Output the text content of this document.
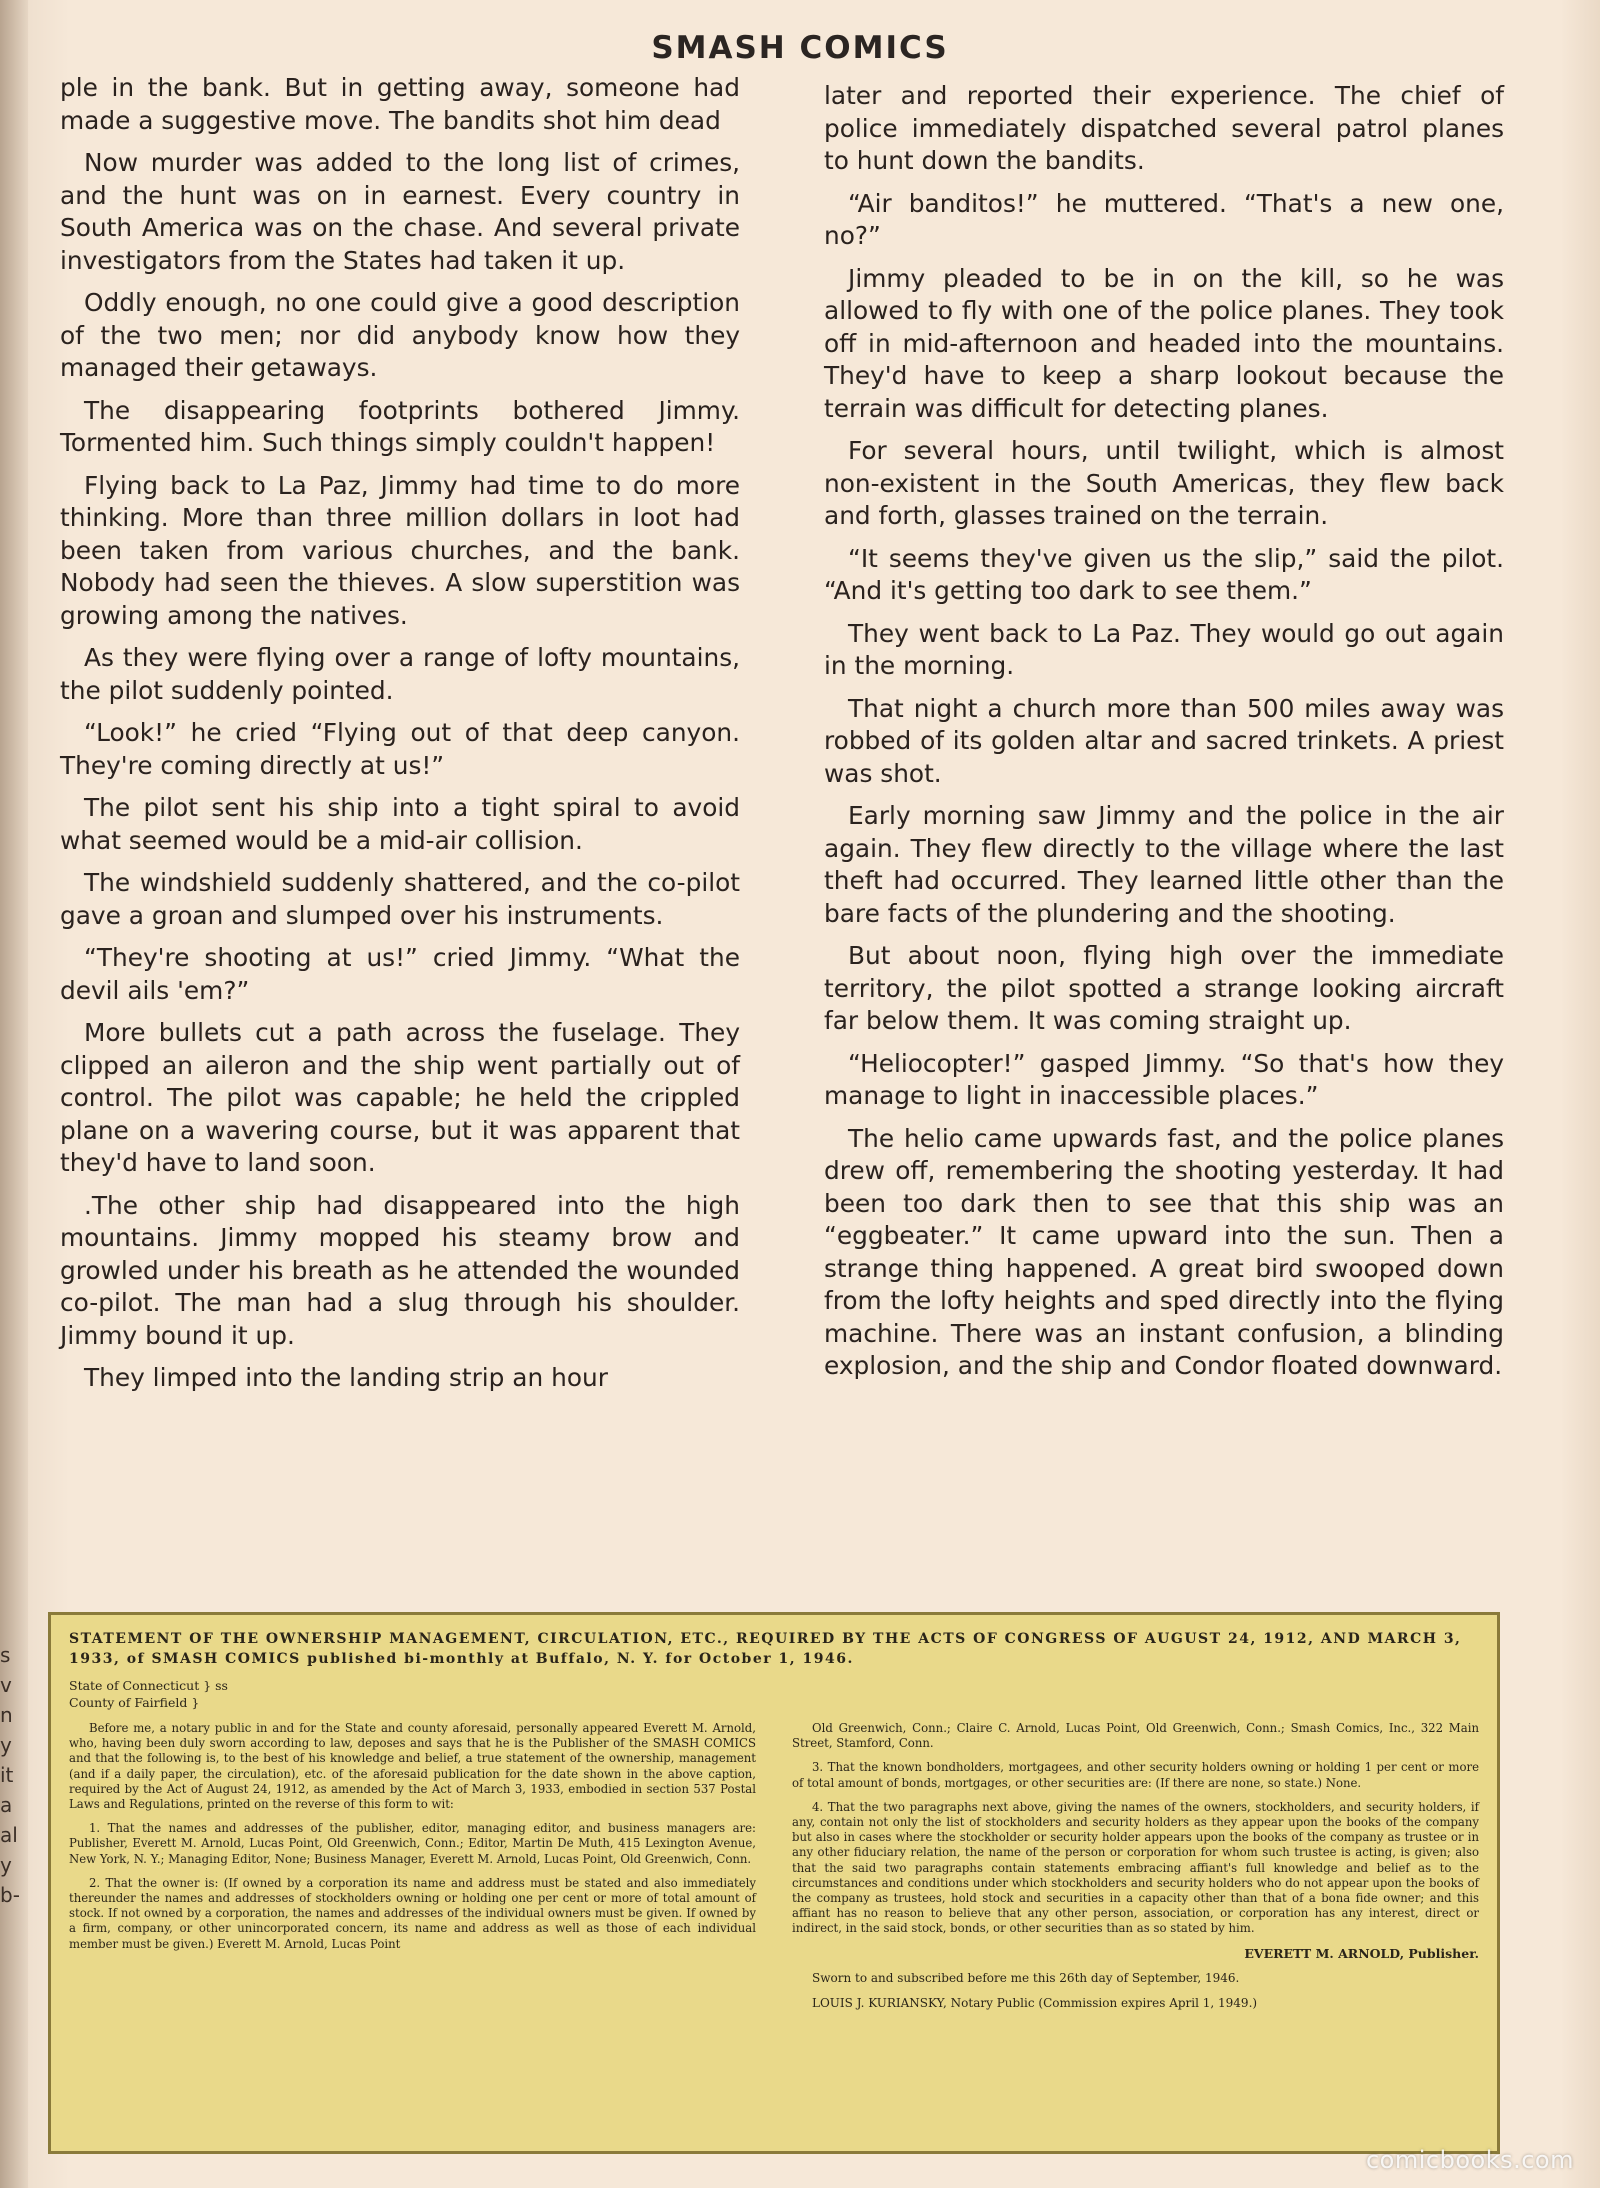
s
v
n
y
it
a
al
y
b-
SMASH COMICS

ple in the bank. But in getting away, someone had made a suggestive move. The bandits shot him dead

Now murder was added to the long list of crimes, and the hunt was on in earnest. Every country in South America was on the chase. And several private investigators from the States had taken it up.

Oddly enough, no one could give a good description of the two men; nor did anybody know how they managed their getaways.

The disappearing footprints bothered Jimmy. Tormented him. Such things simply couldn't happen!

Flying back to La Paz, Jimmy had time to do more thinking. More than three million dollars in loot had been taken from various churches, and the bank. Nobody had seen the thieves. A slow superstition was growing among the natives.

As they were flying over a range of lofty mountains, the pilot suddenly pointed.

“Look!” he cried “Flying out of that deep canyon. They're coming directly at us!”

The pilot sent his ship into a tight spiral to avoid what seemed would be a mid-air collision.

The windshield suddenly shattered, and the co-pilot gave a groan and slumped over his instruments.

“They're shooting at us!” cried Jimmy. “What the devil ails 'em?”

More bullets cut a path across the fuselage. They clipped an aileron and the ship went partially out of control. The pilot was capable; he held the crippled plane on a wavering course, but it was apparent that they'd have to land soon.

.The other ship had disappeared into the high mountains. Jimmy mopped his steamy brow and growled under his breath as he attended the wounded co-pilot. The man had a slug through his shoulder. Jimmy bound it up.

They limped into the landing strip an hour

later and reported their experience. The chief of police immediately dispatched several patrol planes to hunt down the bandits.

“Air banditos!” he muttered. “That's a new one, no?”

Jimmy pleaded to be in on the kill, so he was allowed to fly with one of the police planes. They took off in mid-afternoon and headed into the mountains. They'd have to keep a sharp lookout because the terrain was difficult for detecting planes.

For several hours, until twilight, which is almost non-existent in the South Americas, they flew back and forth, glasses trained on the terrain.

“It seems they've given us the slip,” said the pilot. “And it's getting too dark to see them.”

They went back to La Paz. They would go out again in the morning.

That night a church more than 500 miles away was robbed of its golden altar and sacred trinkets. A priest was shot.

Early morning saw Jimmy and the police in the air again. They flew directly to the village where the last theft had occurred. They learned little other than the bare facts of the plundering and the shooting.

But about noon, flying high over the immediate territory, the pilot spotted a strange looking aircraft far below them. It was coming straight up.

“Heliocopter!” gasped Jimmy. “So that's how they manage to light in inaccessible places.”

The helio came upwards fast, and the police planes drew off, remembering the shooting yesterday. It had been too dark then to see that this ship was an “eggbeater.” It came upward into the sun. Then a strange thing happened. A great bird swooped down from the lofty heights and sped directly into the flying machine. There was an instant confusion, a blinding explosion, and the ship and Condor floated downward.

STATEMENT OF THE OWNERSHIP MANAGEMENT, CIRCULATION, ETC., REQUIRED BY THE ACTS OF CONGRESS OF AUGUST 24, 1912, AND MARCH 3, 1933, of SMASH COMICS published bi-monthly at Buffalo, N. Y. for October 1, 1946.

State of Connecticut } ss

County of Fairfield }

Before me, a notary public in and for the State and county aforesaid, personally appeared Everett M. Arnold, who, having been duly sworn according to law, deposes and says that he is the Publisher of the SMASH COMICS and that the following is, to the best of his knowledge and belief, a true statement of the ownership, management (and if a daily paper, the circulation), etc. of the aforesaid publication for the date shown in the above caption, required by the Act of August 24, 1912, as amended by the Act of March 3, 1933, embodied in section 537 Postal Laws and Regulations, printed on the reverse of this form to wit:

1. That the names and addresses of the publisher, editor, managing editor, and business managers are: Publisher, Everett M. Arnold, Lucas Point, Old Greenwich, Conn.; Editor, Martin De Muth, 415 Lexington Avenue, New York, N. Y.; Managing Editor, None; Business Manager, Everett M. Arnold, Lucas Point, Old Greenwich, Conn.

2. That the owner is: (If owned by a corporation its name and address must be stated and also immediately thereunder the names and addresses of stockholders owning or holding one per cent or more of total amount of stock. If not owned by a corporation, the names and addresses of the individual owners must be given. If owned by a firm, company, or other unincorporated concern, its name and address as well as those of each individual member must be given.) Everett M. Arnold, Lucas Point

Old Greenwich, Conn.; Claire C. Arnold, Lucas Point, Old Greenwich, Conn.; Smash Comics, Inc., 322 Main Street, Stamford, Conn.

3. That the known bondholders, mortgagees, and other security holders owning or holding 1 per cent or more of total amount of bonds, mortgages, or other securities are: (If there are none, so state.) None.

4. That the two paragraphs next above, giving the names of the owners, stockholders, and security holders, if any, contain not only the list of stockholders and security holders as they appear upon the books of the company but also in cases where the stockholder or security holder appears upon the books of the company as trustee or in any other fiduciary relation, the name of the person or corporation for whom such trustee is acting, is given; also that the said two paragraphs contain statements embracing affiant's full knowledge and belief as to the circumstances and conditions under which stockholders and security holders who do not appear upon the books of the company as trustees, hold stock and securities in a capacity other than that of a bona fide owner; and this affiant has no reason to believe that any other person, association, or corporation has any interest, direct or indirect, in the said stock, bonds, or other securities than as so stated by him.

EVERETT M. ARNOLD, Publisher.

Sworn to and subscribed before me this 26th day of September, 1946.

LOUIS J. KURIANSKY, Notary Public (Commission expires April 1, 1949.)

comicbooks.com
